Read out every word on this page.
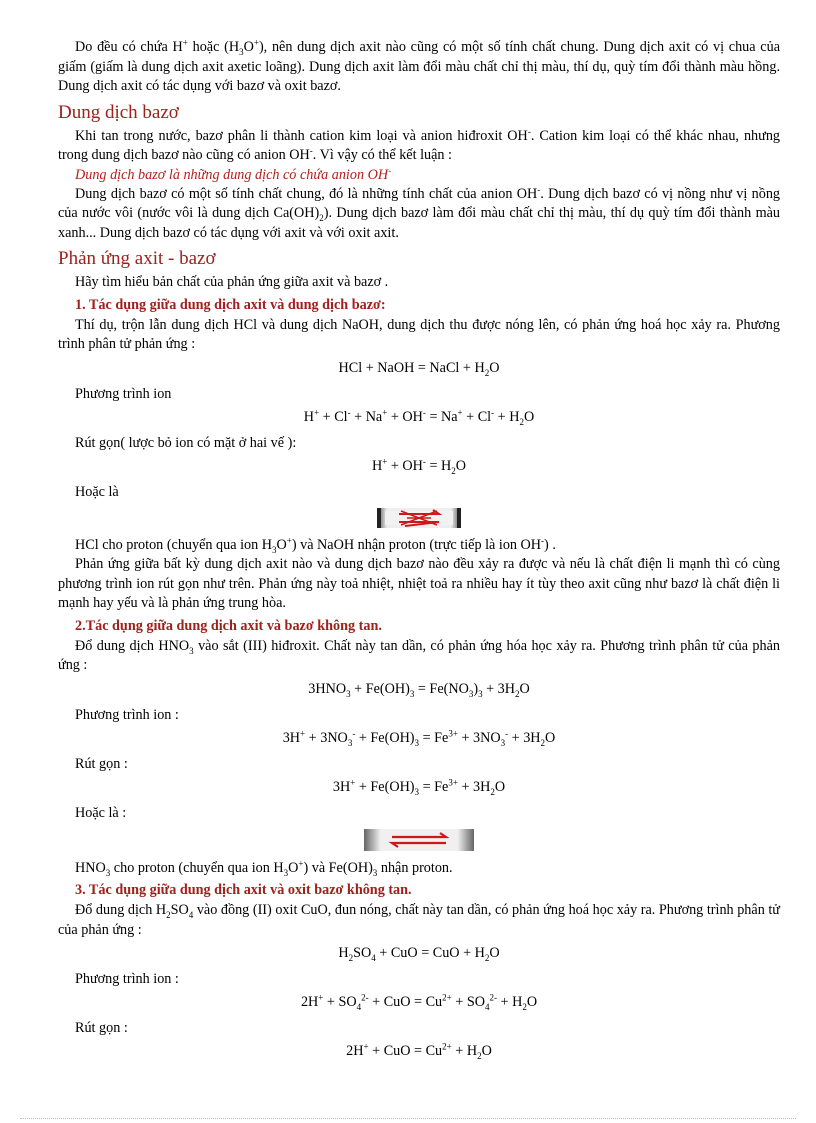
Do đều có chứa H+ hoặc $(H_3O^+)$, nên dung dịch axit nào cũng có một số tính chất chung. Dung dịch axit có vị chua của giấm (giấm là dung dịch axit axetic loãng). Dung dịch axit làm đổi màu chất chỉ thị màu, thí dụ, quỳ tím đổi thành màu hồng. Dung dịch axit có tác dụng với bazơ và oxit bazơ.

Dung dịch bazơ

Khi tan trong nước, bazơ phân li thành cation kim loại và anion hiđroxit OH-. Cation kim loại có thể khác nhau, nhưng trong dung dịch bazơ nào cũng có anion OH-. Vì vậy có thể kết luận :

Dung dịch bazơ là những dung dịch có chứa anion OH-

Dung dịch bazơ có một số tính chất chung, đó là những tính chất của anion OH-. Dung dịch bazơ có vị nồng như vị nồng của nước vôi (nước vôi là dung dịch $Ca(OH)_2$). Dung dịch bazơ làm đổi màu chất chỉ thị màu, thí dụ quỳ tím đổi thành màu xanh... Dung dịch bazơ có tác dụng với axit và với oxit axit.

Phản ứng axit - bazơ

Hãy tìm hiểu bản chất của phản ứng giữa axit và bazơ .

1. Tác dụng giữa dung dịch axit và dung dịch bazơ:

Thí dụ, trộn lẫn dung dịch HCl và dung dịch NaOH, dung dịch thu được nóng lên, có phản ứng hoá học xảy ra. Phương trình phân tử phản ứng :

HCl + NaOH = NaCl + $H_2O$
Phương trình ion
$H^+ + Cl^- + Na^+ + OH^- = Na^+ + Cl^- + H_2O$
Rút gọn( lược bỏ ion có mặt ở hai vế ):
$H^+ + OH^- = H_2O$
Hoặc là

HCl cho proton (chuyển qua ion $H_3O^+$) và NaOH nhận proton (trực tiếp là ion OH-) .

Phản ứng giữa bất kỳ dung dịch axit nào và dung dịch bazơ nào đều xảy ra được và nếu là chất điện li mạnh thì có cùng phương trình ion rút gọn như trên. Phản ứng này toả nhiệt, nhiệt toả ra nhiều hay ít tùy theo axit cũng như bazơ là chất điện li mạnh hay yếu và là phản ứng trung hòa.

2.Tác dụng giữa dung dịch axit và bazơ không tan.

Đổ dung dịch $HNO_3$ vào sắt (III) hiđroxit. Chất này tan dần, có phản ứng hóa học xảy ra. Phương trình phân tử của phản ứng :

$3HNO_3 + Fe(OH)_3 = Fe(NO_3)_3 + 3H_2O$
Phương trình ion :
$3H^+ + 3NO_3^- + Fe(OH)_3 = Fe^{3+} + 3NO_3^- + 3H_2O$
Rút gọn :
$3H^+ + Fe(OH)_3 = Fe^{3+} + 3H_2O$
Hoặc là :

$HNO_3$ cho proton (chuyển qua ion $H_3O^+$) và $Fe(OH)_3$ nhận proton.

3. Tác dụng giữa dung dịch axit và oxit bazơ không tan.

Đổ dung dịch $H_2SO_4$ vào đồng (II) oxit CuO, đun nóng, chất này tan dần, có phản ứng hoá học xảy ra. Phương trình phân tử của phản ứng :

$H_2SO_4$ + CuO = CuO + $H_2O$
Phương trình ion :
$2H^+ + SO_4^{2-}$ + CuO = $Cu^{2+} + SO_4^{2-} + H_2O$
Rút gọn :
2H+ + CuO = $Cu^{2+} + H_2O$
